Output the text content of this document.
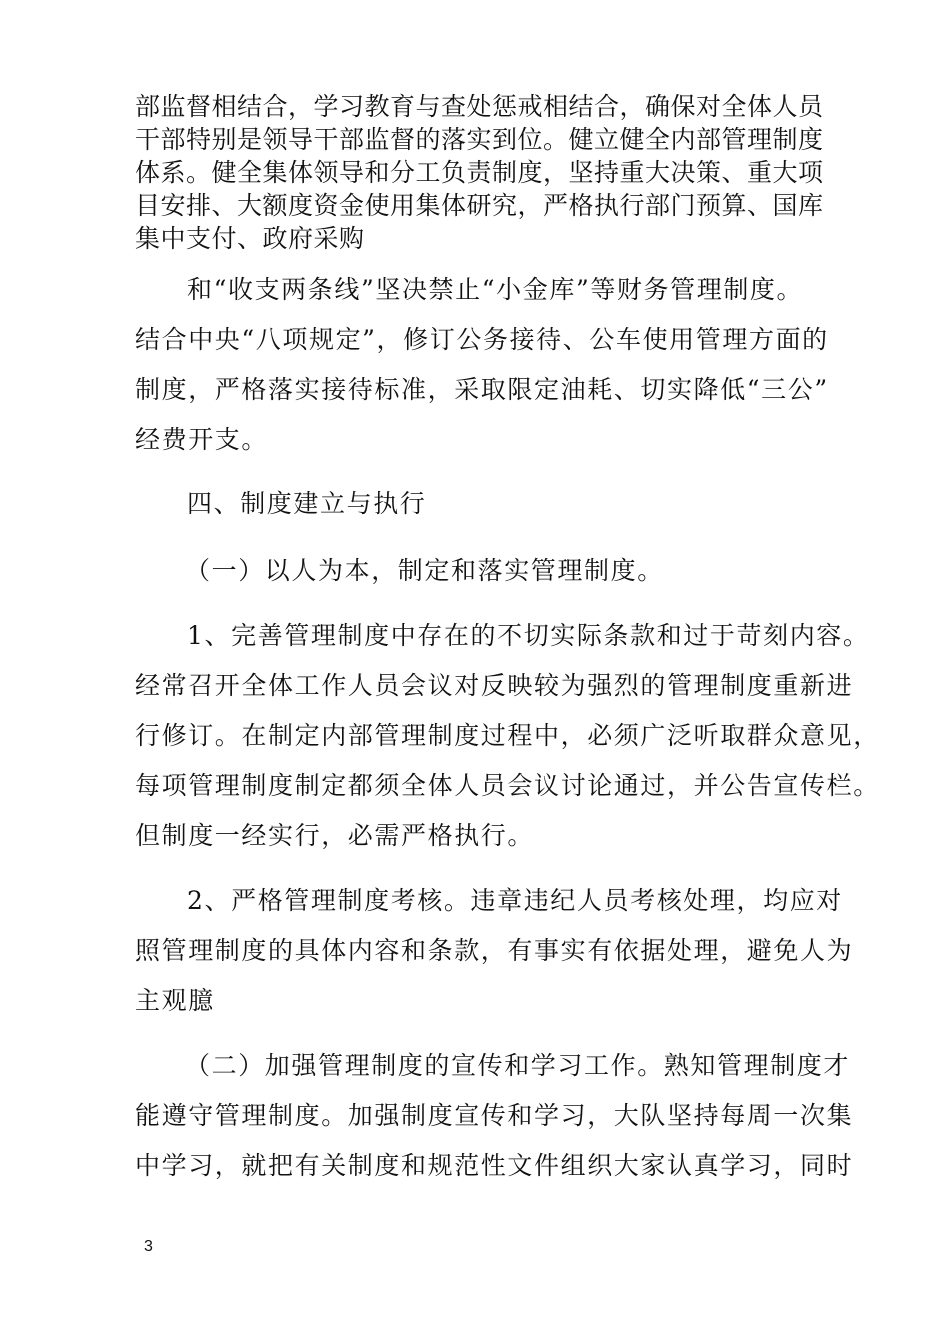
部监督相结合，学习教育与查处惩戒相结合，确保对全体人员
干部特别是领导干部监督的落实到位。健立健全内部管理制度
体系。健全集体领导和分工负责制度，坚持重大决策、重大项
目安排、大额度资金使用集体研究，严格执行部门预算、国库
集中支付、政府采购
和“收支两条线”坚决禁止“小金库”等财务管理制度。
结合中央“八项规定”，修订公务接待、公车使用管理方面的
制度，严格落实接待标准，采取限定油耗、切实降低“三公”
经费开支。
四、制度建立与执行
（一）以人为本，制定和落实管理制度。
1、完善管理制度中存在的不切实际条款和过于苛刻内容。
经常召开全体工作人员会议对反映较为强烈的管理制度重新进
行修订。在制定内部管理制度过程中，必须广泛听取群众意见，
每项管理制度制定都须全体人员会议讨论通过，并公告宣传栏。
但制度一经实行，必需严格执行。
2、严格管理制度考核。违章违纪人员考核处理，均应对
照管理制度的具体内容和条款，有事实有依据处理，避免人为
主观臆
（二）加强管理制度的宣传和学习工作。熟知管理制度才
能遵守管理制度。加强制度宣传和学习，大队坚持每周一次集
中学习，就把有关制度和规范性文件组织大家认真学习，同时
3
